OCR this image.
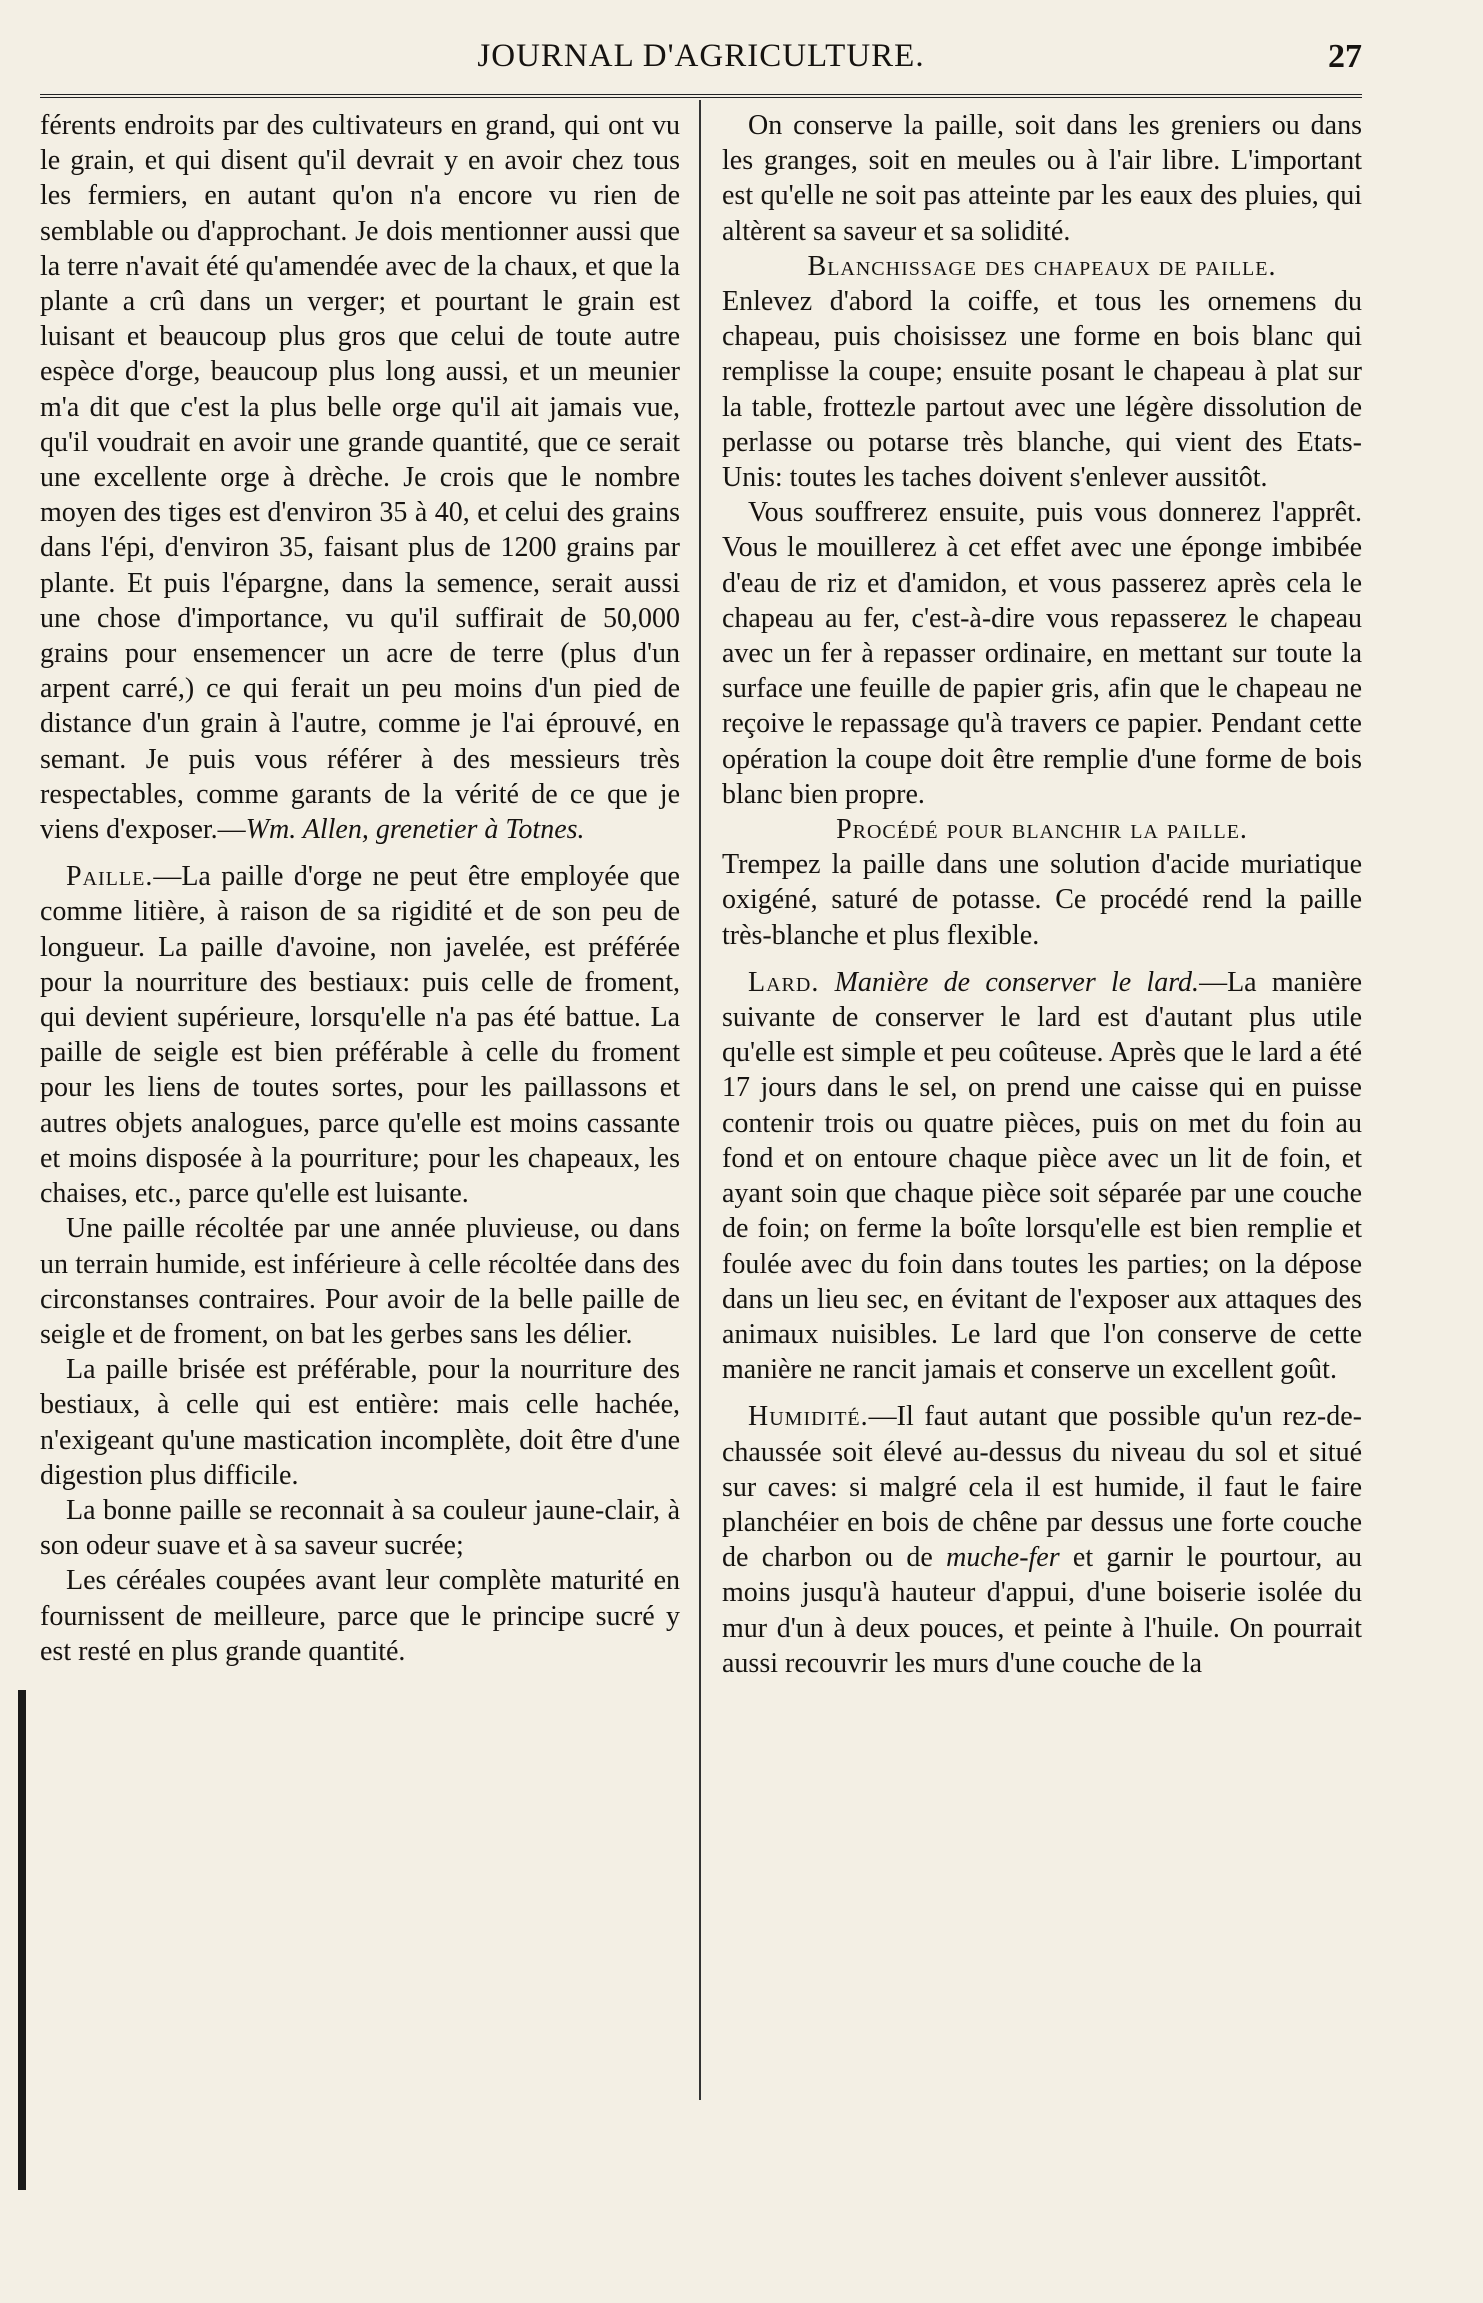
JOURNAL D'AGRICULTURE.	27

férents endroits par des cultivateurs en grand, qui ont vu le grain, et qui disent qu'il devrait y en avoir chez tous les fermiers, en autant qu'on n'a encore vu rien de semblable ou d'approchant. Je dois mentionner aussi que la terre n'avait été qu'amendée avec de la chaux, et que la plante a crû dans un verger; et pourtant le grain est luisant et beaucoup plus gros que celui de toute autre espèce d'orge, beaucoup plus long aussi, et un meunier m'a dit que c'est la plus belle orge qu'il ait jamais vue, qu'il voudrait en avoir une grande quantité, que ce serait une excellente orge à drèche. Je crois que le nombre moyen des tiges est d'environ 35 à 40, et celui des grains dans l'épi, d'environ 35, faisant plus de 1200 grains par plante. Et puis l'épargne, dans la semence, serait aussi une chose d'importance, vu qu'il suffirait de 50,000 grains pour ensemencer un acre de terre (plus d'un arpent carré,) ce qui ferait un peu moins d'un pied de distance d'un grain à l'autre, comme je l'ai éprouvé, en semant. Je puis vous référer à des messieurs très respectables, comme garants de la vérité de ce que je viens d'exposer.—Wm. Allen, grenetier à Totnes.

Paille.—La paille d'orge ne peut être employée que comme litière, à raison de sa rigidité et de son peu de longueur. La paille d'avoine, non javelée, est préférée pour la nourriture des bestiaux: puis celle de froment, qui devient supérieure, lorsqu'elle n'a pas été battue. La paille de seigle est bien préférable à celle du froment pour les liens de toutes sortes, pour les paillassons et autres objets analogues, parce qu'elle est moins cassante et moins disposée à la pourriture; pour les chapeaux, les chaises, etc., parce qu'elle est luisante.

Une paille récoltée par une année pluvieuse, ou dans un terrain humide, est inférieure à celle récoltée dans des circonstanses contraires. Pour avoir de la belle paille de seigle et de froment, on bat les gerbes sans les délier.

La paille brisée est préférable, pour la nourriture des bestiaux, à celle qui est entière: mais celle hachée, n'exigeant qu'une mastication incomplète, doit être d'une digestion plus difficile.

La bonne paille se reconnait à sa couleur jaune-clair, à son odeur suave et à sa saveur sucrée;

Les céréales coupées avant leur complète maturité en fournissent de meilleure, parce que le principe sucré y est resté en plus grande quantité.

On conserve la paille, soit dans les greniers ou dans les granges, soit en meules ou à l'air libre. L'important est qu'elle ne soit pas atteinte par les eaux des pluies, qui altèrent sa saveur et sa solidité.

Blanchissage des chapeaux de paille.

Enlevez d'abord la coiffe, et tous les ornemens du chapeau, puis choisissez une forme en bois blanc qui remplisse la coupe; ensuite posant le chapeau à plat sur la table, frottezle partout avec une légère dissolution de perlasse ou potarse très blanche, qui vient des Etats-Unis: toutes les taches doivent s'enlever aussitôt.

Vous souffrerez ensuite, puis vous donnerez l'apprêt. Vous le mouillerez à cet effet avec une éponge imbibée d'eau de riz et d'amidon, et vous passerez après cela le chapeau au fer, c'est-à-dire vous repasserez le chapeau avec un fer à repasser ordinaire, en mettant sur toute la surface une feuille de papier gris, afin que le chapeau ne reçoive le repassage qu'à travers ce papier. Pendant cette opération la coupe doit être remplie d'une forme de bois blanc bien propre.

Procédé pour blanchir la paille.

Trempez la paille dans une solution d'acide muriatique oxigéné, saturé de potasse. Ce procédé rend la paille très-blanche et plus flexible.

Lard. Manière de conserver le lard.—La manière suivante de conserver le lard est d'autant plus utile qu'elle est simple et peu coûteuse. Après que le lard a été 17 jours dans le sel, on prend une caisse qui en puisse contenir trois ou quatre pièces, puis on met du foin au fond et on entoure chaque pièce avec un lit de foin, et ayant soin que chaque pièce soit séparée par une couche de foin; on ferme la boîte lorsqu'elle est bien remplie et foulée avec du foin dans toutes les parties; on la dépose dans un lieu sec, en évitant de l'exposer aux attaques des animaux nuisibles. Le lard que l'on conserve de cette manière ne rancit jamais et conserve un excellent goût.

Humidité.—Il faut autant que possible qu'un rez-de-chaussée soit élevé au-dessus du niveau du sol et situé sur caves: si malgré cela il est humide, il faut le faire planchéier en bois de chêne par dessus une forte couche de charbon ou de muche-fer et garnir le pourtour, au moins jusqu'à hauteur d'appui, d'une boiserie isolée du mur d'un à deux pouces, et peinte à l'huile. On pourrait aussi recouvrir les murs d'une couche de la
